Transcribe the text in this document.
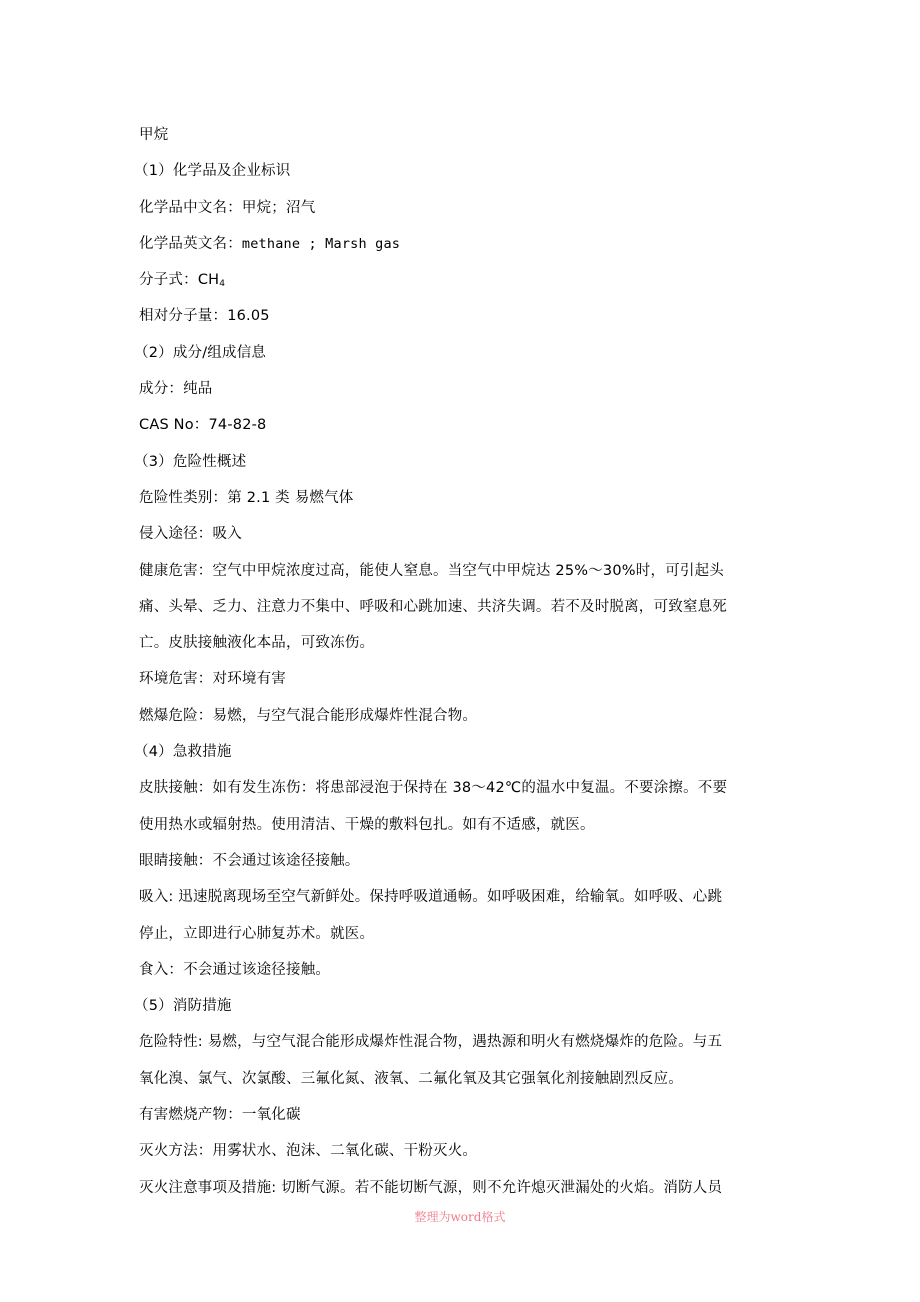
甲烷
（1）化学品及企业标识
化学品中文名：甲烷；沼气
化学品英文名：methane ; Marsh gas
分子式：$CH_4$
相对分子量：16.05
（2）成分/组成信息
成分：纯品
CAS No：74-82-8
（3）危险性概述
危险性类别：第 2.1 类 易燃气体
侵入途径：吸入
健康危害：空气中甲烷浓度过高，能使人窒息。当空气中甲烷达 25%～30%时，可引起头
痛、头晕、乏力、注意力不集中、呼吸和心跳加速、共济失调。若不及时脱离，可致窒息死
亡。皮肤接触液化本品，可致冻伤。
环境危害：对环境有害
燃爆危险：易燃，与空气混合能形成爆炸性混合物。
（4）急救措施
皮肤接触：如有发生冻伤：将患部浸泡于保持在 38～42℃的温水中复温。不要涂擦。不要
使用热水或辐射热。使用清洁、干燥的敷料包扎。如有不适感，就医。
眼睛接触：不会通过该途径接触。
吸入: 迅速脱离现场至空气新鲜处。保持呼吸道通畅。如呼吸困难，给输氧。如呼吸、心跳
停止，立即进行心肺复苏术。就医。
食入：不会通过该途径接触。
（5）消防措施
危险特性: 易燃，与空气混合能形成爆炸性混合物，遇热源和明火有燃烧爆炸的危险。与五
氧化溴、氯气、次氯酸、三氟化氮、液氧、二氟化氧及其它强氧化剂接触剧烈反应。
有害燃烧产物：一氧化碳
灭火方法：用雾状水、泡沫、二氧化碳、干粉灭火。
灭火注意事项及措施: 切断气源。若不能切断气源，则不允许熄灭泄漏处的火焰。消防人员
整理为word格式
